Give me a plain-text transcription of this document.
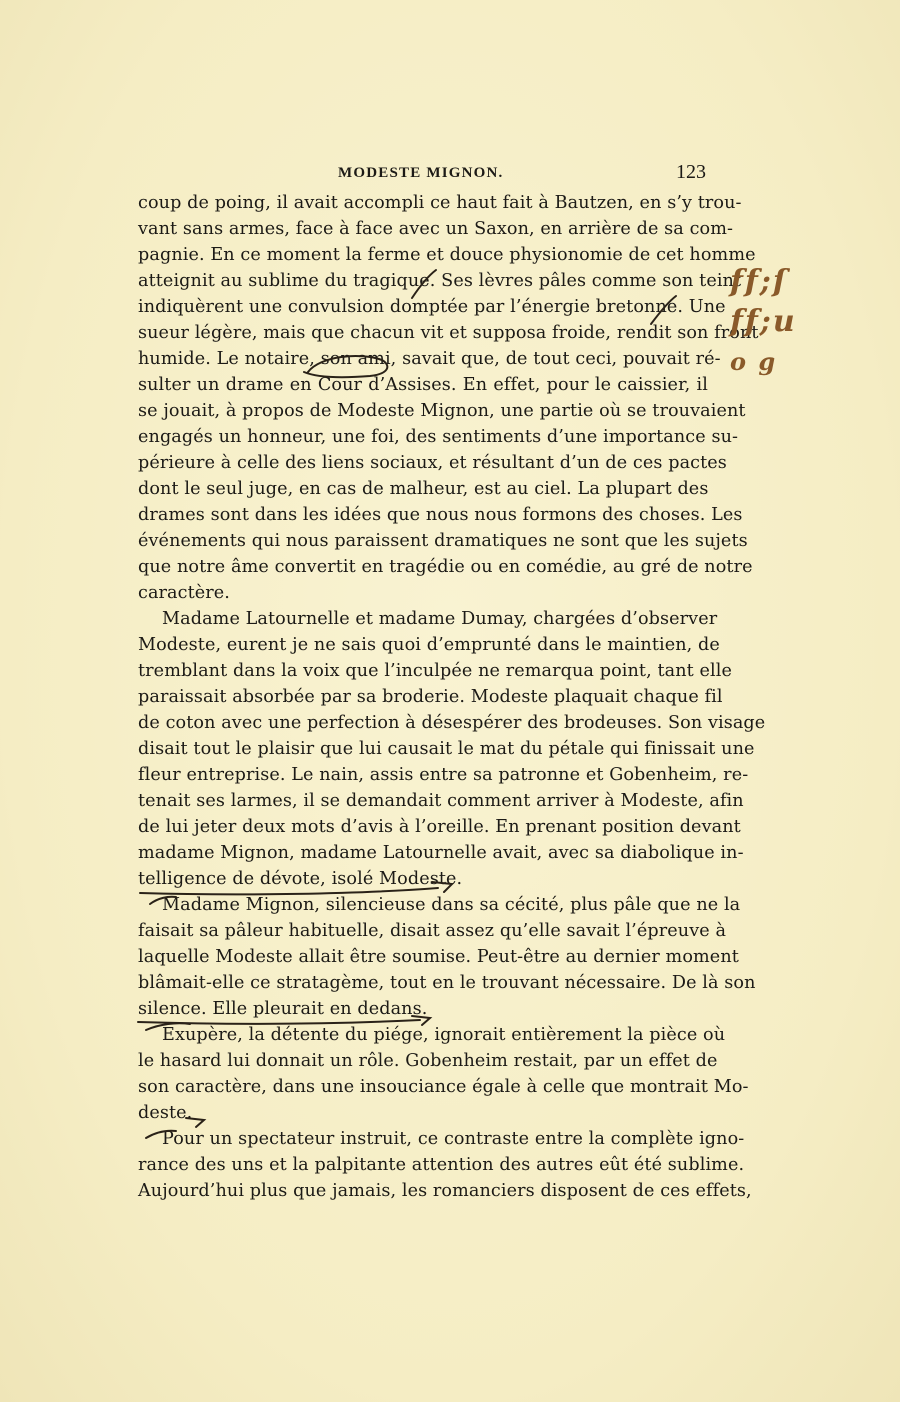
MODESTE MIGNON.	123
coup de poing, il avait accompli ce haut fait à Bautzen, en s’y trou-
vant sans armes, face à face avec un Saxon, en arrière de sa com-
pagnie. En ce moment la ferme et douce physionomie de cet homme
atteignit au sublime du tragique. Ses lèvres pâles comme son teint
indiquèrent une convulsion domptée par l’énergie bretonne. Une
sueur légère, mais que chacun vit et supposa froide, rendit son front
humide. Le notaire, son ami, savait que, de tout ceci, pouvait ré-
sulter un drame en Cour d’Assises. En effet, pour le caissier, il
se jouait, à propos de Modeste Mignon, une partie où se trouvaient
engagés un honneur, une foi, des sentiments d’une importance su-
périeure à celle des liens sociaux, et résultant d’un de ces pactes
dont le seul juge, en cas de malheur, est au ciel. La plupart des
drames sont dans les idées que nous nous formons des choses. Les
événements qui nous paraissent dramatiques ne sont que les sujets
que notre âme convertit en tragédie ou en comédie, au gré de notre
caractère.
Madame Latournelle et madame Dumay, chargées d’observer
Modeste, eurent je ne sais quoi d’emprunté dans le maintien, de
tremblant dans la voix que l’inculpée ne remarqua point, tant elle
paraissait absorbée par sa broderie. Modeste plaquait chaque fil
de coton avec une perfection à désespérer des brodeuses. Son visage
disait tout le plaisir que lui causait le mat du pétale qui finissait une
fleur entreprise. Le nain, assis entre sa patronne et Gobenheim, re-
tenait ses larmes, il se demandait comment arriver à Modeste, afin
de lui jeter deux mots d’avis à l’oreille. En prenant position devant
madame Mignon, madame Latournelle avait, avec sa diabolique in-
telligence de dévote, isolé Modeste.
Madame Mignon, silencieuse dans sa cécité, plus pâle que ne la
faisait sa pâleur habituelle, disait assez qu’elle savait l’épreuve à
laquelle Modeste allait être soumise. Peut-être au dernier moment
blâmait-elle ce stratagème, tout en le trouvant nécessaire. De là son
silence. Elle pleurait en dedans.
Exupère, la détente du piége, ignorait entièrement la pièce où
le hasard lui donnait un rôle. Gobenheim restait, par un effet de
son caractère, dans une insouciance égale à celle que montrait Mo-
deste.
Pour un spectateur instruit, ce contraste entre la complète igno-
rance des uns et la palpitante attention des autres eût été sublime.
Aujourd’hui plus que jamais, les romanciers disposent de ces effets,
ff;ſ
ff;u
o g
